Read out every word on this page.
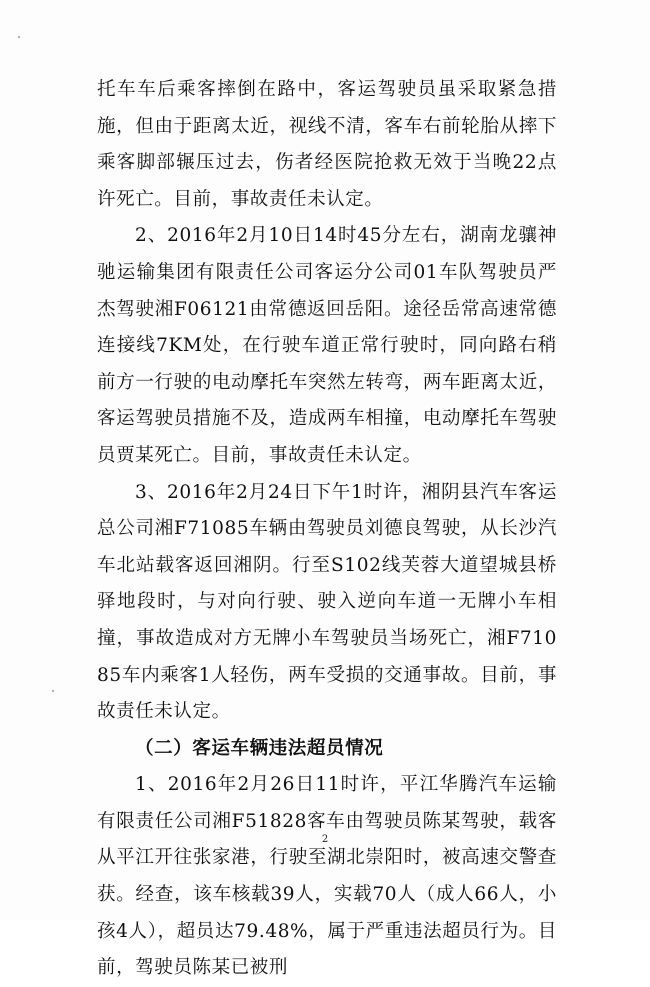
托车车后乘客摔倒在路中，客运驾驶员虽采取紧急措施，但由于距离太近，视线不清，客车右前轮胎从摔下乘客脚部辗压过去，伤者经医院抢救无效于当晚22点许死亡。目前，事故责任未认定。

2、2016年2月10日14时45分左右，湖南龙骧神驰运输集团有限责任公司客运分公司01车队驾驶员严杰驾驶湘F06121由常德返回岳阳。途径岳常高速常德连接线7KM处，在行驶车道正常行驶时，同向路右稍前方一行驶的电动摩托车突然左转弯，两车距离太近，客运驾驶员措施不及，造成两车相撞，电动摩托车驾驶员贾某死亡。目前，事故责任未认定。

3、2016年2月24日下午1时许，湘阴县汽车客运总公司湘F71085车辆由驾驶员刘德良驾驶，从长沙汽车北站载客返回湘阴。行至S102线芙蓉大道望城县桥驿地段时，与对向行驶、驶入逆向车道一无牌小车相撞，事故造成对方无牌小车驾驶员当场死亡，湘F71085车内乘客1人轻伤，两车受损的交通事故。目前，事故责任未认定。

（二）客运车辆违法超员情况

1、2016年2月26日11时许，平江华腾汽车运输有限责任公司湘F51828客车由驾驶员陈某驾驶，载客从平江开往张家港，行驶至湖北崇阳时，被高速交警查获。经查，该车核载39人，实载70人（成人66人，小孩4人），超员达79.48%，属于严重违法超员行为。目前，驾驶员陈某已被刑

2
